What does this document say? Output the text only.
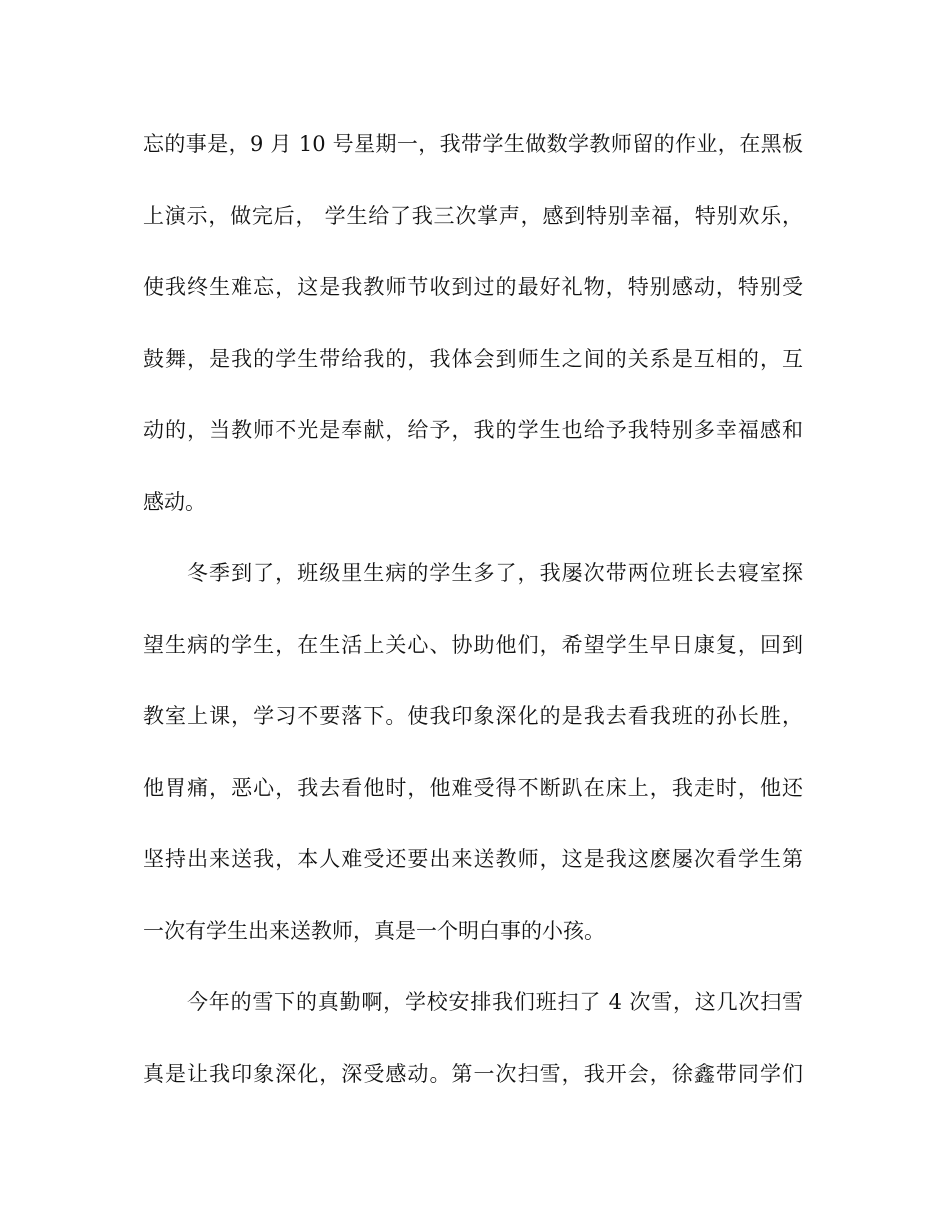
忘的事是，9 月 10 号星期一，我带学生做数学教师留的作业，在黑板
上演示，做完后， 学生给了我三次掌声，感到特别幸福，特别欢乐，
使我终生难忘，这是我教师节收到过的最好礼物，特别感动，特别受
鼓舞，是我的学生带给我的，我体会到师生之间的关系是互相的，互
动的，当教师不光是奉献，给予，我的学生也给予我特别多幸福感和
感动。
冬季到了，班级里生病的学生多了，我屡次带两位班长去寝室探
望生病的学生，在生活上关心、协助他们，希望学生早日康复，回到
教室上课，学习不要落下。使我印象深化的是我去看我班的孙长胜，
他胃痛，恶心，我去看他时，他难受得不断趴在床上，我走时，他还
坚持出来送我，本人难受还要出来送教师，这是我这麽屡次看学生第
一次有学生出来送教师，真是一个明白事的小孩。
今年的雪下的真勤啊，学校安排我们班扫了 4 次雪，这几次扫雪
真是让我印象深化，深受感动。第一次扫雪，我开会，徐鑫带同学们
